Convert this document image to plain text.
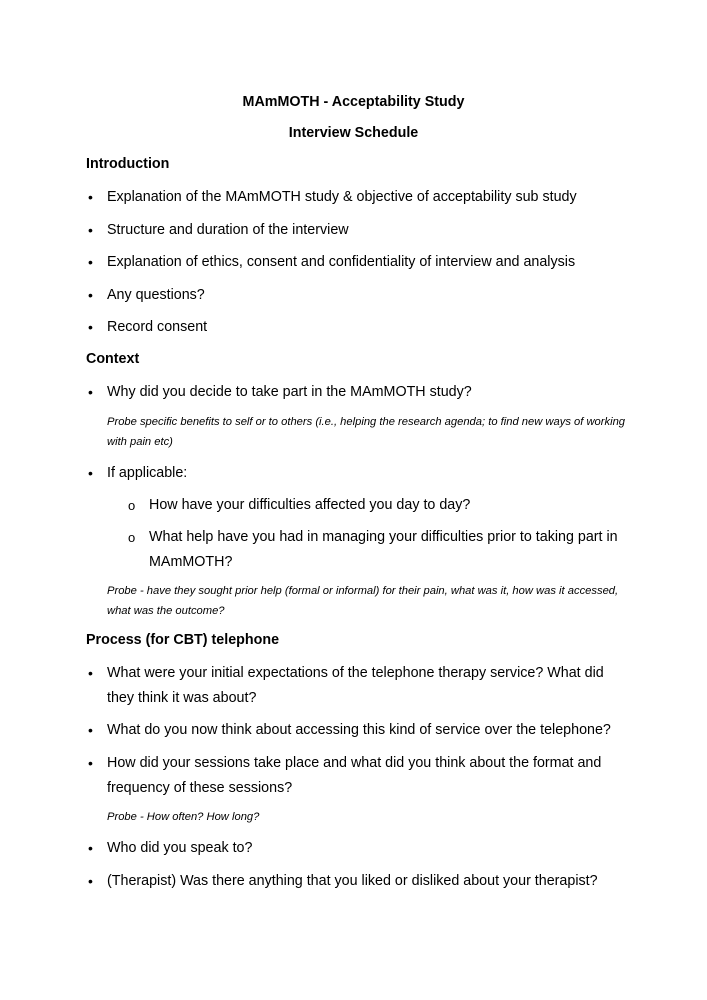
MAmMOTH - Acceptability Study
Interview Schedule
Introduction
• Explanation of the MAmMOTH study & objective of acceptability sub study
• Structure and duration of the interview
• Explanation of ethics, consent and confidentiality of interview and analysis
• Any questions?
• Record consent
Context
• Why did you decide to take part in the MAmMOTH study?
Probe specific benefits to self or to others (i.e., helping the research agenda; to find new ways of working with pain etc)
• If applicable:
o How have your difficulties affected you day to day?
o What help have you had in managing your difficulties prior to taking part in MAmMOTH?
Probe - have they sought prior help (formal or informal) for their pain, what was it, how was it accessed, what was the outcome?
Process (for CBT) telephone
• What were your initial expectations of the telephone therapy service? What did they think it was about?
• What do you now think about accessing this kind of service over the telephone?
• How did your sessions take place and what did you think about the format and frequency of these sessions?
Probe - How often? How long?
• Who did you speak to?
• (Therapist) Was there anything that you liked or disliked about your therapist?
